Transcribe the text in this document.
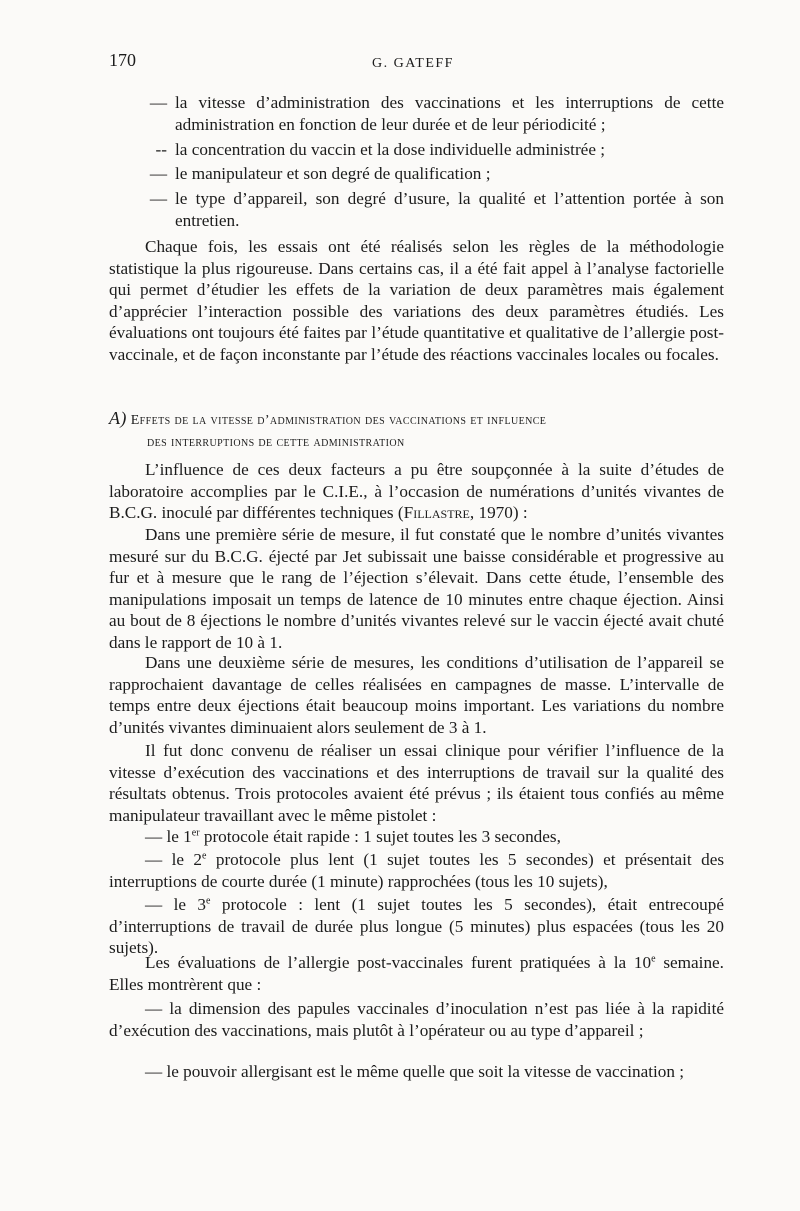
170	G. GATEFF
— la vitesse d’administration des vaccinations et les interruptions de cette administration en fonction de leur durée et de leur périodicité ;
-- la concentration du vaccin et la dose individuelle administrée ;
— le manipulateur et son degré de qualification ;
— le type d’appareil, son degré d’usure, la qualité et l’attention portée à son entretien.

Chaque fois, les essais ont été réalisés selon les règles de la méthodologie statistique la plus rigoureuse. Dans certains cas, il a été fait appel à l’analyse factorielle qui permet d’étudier les effets de la variation de deux paramètres mais également d’apprécier l’interaction possible des variations des deux paramètres étudiés. Les évaluations ont toujours été faites par l’étude quantitative et qualitative de l’allergie post-vaccinale, et de façon inconstante par l’étude des réactions vaccinales locales ou focales.

A) Effets de la vitesse d’administration des vaccinations et influence
des interruptions de cette administration

L’influence de ces deux facteurs a pu être soupçonnée à la suite d’études de laboratoire accomplies par le C.I.E., à l’occasion de numérations d’unités vivantes de B.C.G. inoculé par différentes techniques (Fillastre, 1970) :

Dans une première série de mesure, il fut constaté que le nombre d’unités vivantes mesuré sur du B.C.G. éjecté par Jet subissait une baisse considérable et progressive au fur et à mesure que le rang de l’éjection s’élevait. Dans cette étude, l’ensemble des manipulations imposait un temps de latence de 10 minutes entre chaque éjection. Ainsi au bout de 8 éjections le nombre d’unités vivantes relevé sur le vaccin éjecté avait chuté dans le rapport de 10 à 1.

Dans une deuxième série de mesures, les conditions d’utilisation de l’appareil se rapprochaient davantage de celles réalisées en campagnes de masse. L’intervalle de temps entre deux éjections était beaucoup moins important. Les variations du nombre d’unités vivantes diminuaient alors seulement de 3 à 1.

Il fut donc convenu de réaliser un essai clinique pour vérifier l’influence de la vitesse d’exécution des vaccinations et des interruptions de travail sur la qualité des résultats obtenus. Trois protocoles avaient été prévus ; ils étaient tous confiés au même manipulateur travaillant avec le même pistolet :

— le 1er protocole était rapide : 1 sujet toutes les 3 secondes,

— le 2e protocole plus lent (1 sujet toutes les 5 secondes) et présentait des interruptions de courte durée (1 minute) rapprochées (tous les 10 sujets),

— le 3e protocole : lent (1 sujet toutes les 5 secondes), était entrecoupé d’interruptions de travail de durée plus longue (5 minutes) plus espacées (tous les 20 sujets).

Les évaluations de l’allergie post-vaccinales furent pratiquées à la 10e semaine. Elles montrèrent que :

— la dimension des papules vaccinales d’inoculation n’est pas liée à la rapidité d’exécution des vaccinations, mais plutôt à l’opérateur ou au type d’appareil ;

— le pouvoir allergisant est le même quelle que soit la vitesse de vaccination ;
